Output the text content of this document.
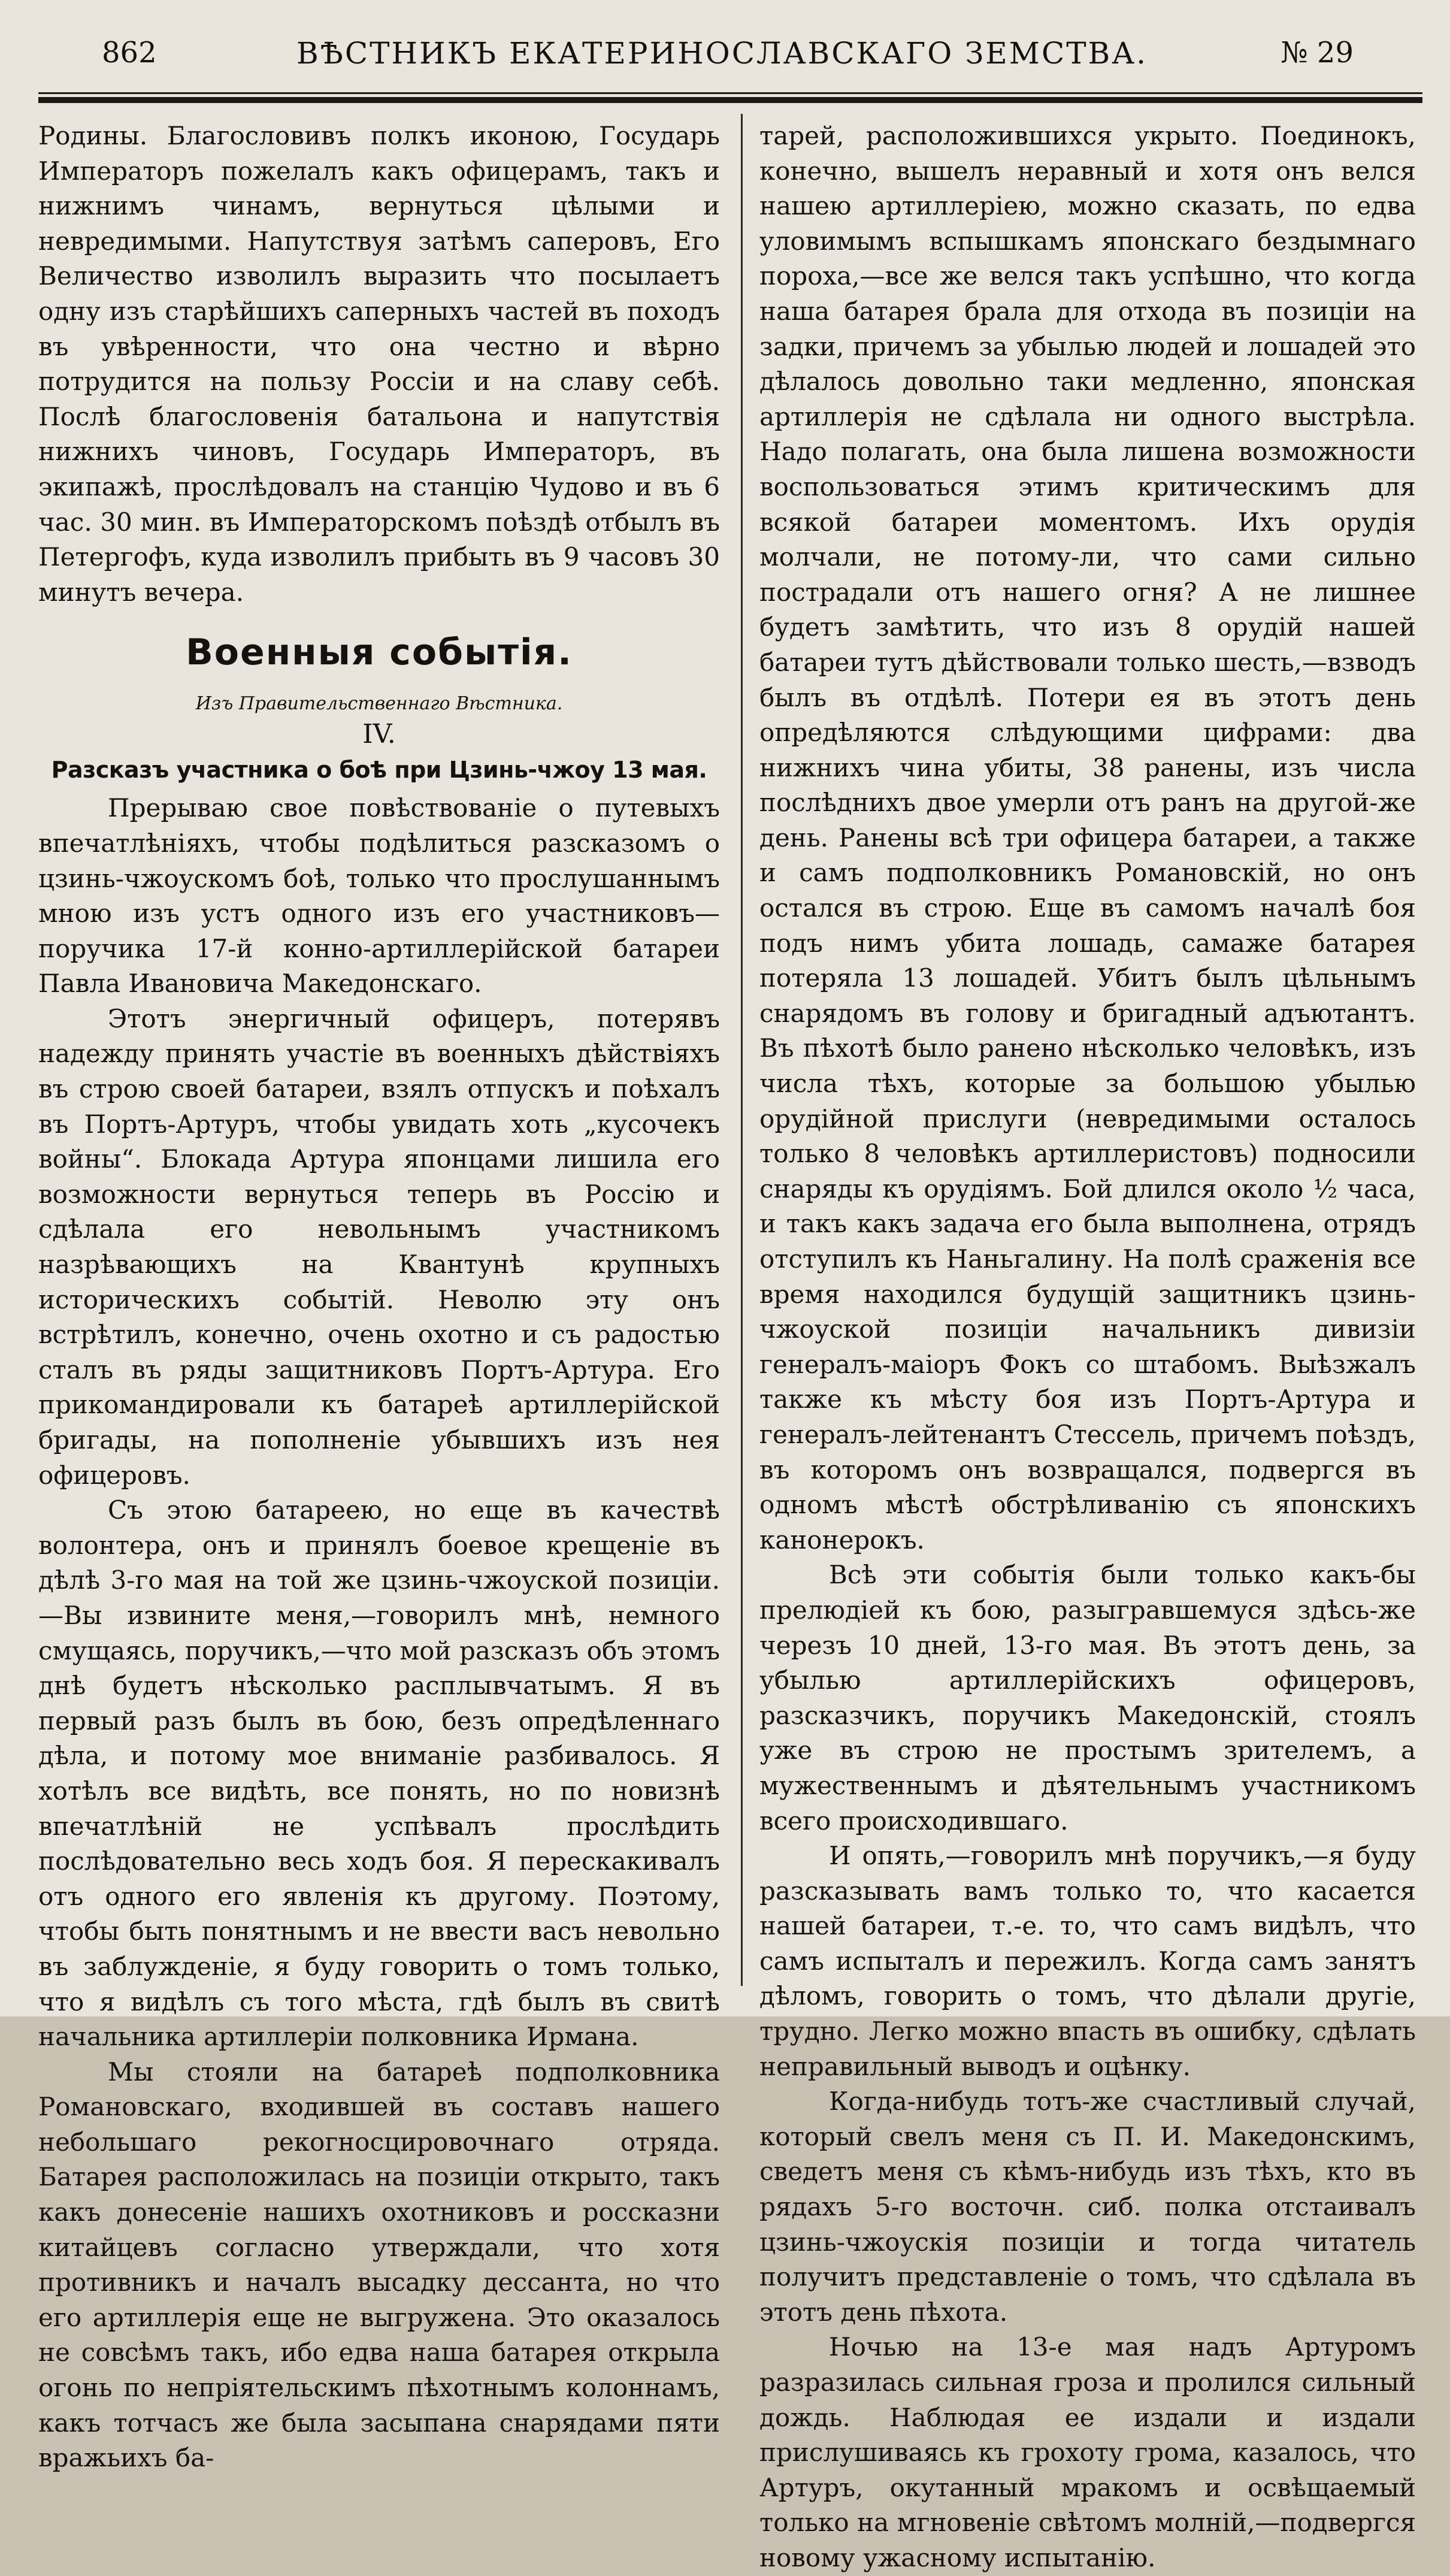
862	ВѢСТНИКЪ ЕКАТЕРИНОСЛАВСКАГО ЗЕМСТВА.	№ 29

Родины. Благословивъ полкъ иконою, Государь Императоръ пожелалъ какъ офицерамъ, такъ и нижнимъ чинамъ, вернуться цѣлыми и невредимыми. Напутствуя затѣмъ саперовъ, Его Величество изволилъ выразить что посылаетъ одну изъ старѣйшихъ саперныхъ частей въ походъ въ увѣренности, что она честно и вѣрно потрудится на пользу Россіи и на славу себѣ. Послѣ благословенія батальона и напутствія нижнихъ чиновъ, Государь Императоръ, въ экипажѣ, прослѣдовалъ на станцію Чудово и въ 6 час. 30 мин. въ Императорскомъ поѣздѣ отбылъ въ Петергофъ, куда изволилъ прибыть въ 9 часовъ 30 минутъ вечера.

Военныя событія.
Изъ Правительственнаго Вѣстника.
IV.
Разсказъ участника о боѣ при Цзинь-чжоу 13 мая.

Прерываю свое повѣствованіе о путевыхъ впечатлѣніяхъ, чтобы подѣлиться разсказомъ о цзинь-чжоускомъ боѣ, только что прослушаннымъ мною изъ устъ одного изъ его участниковъ—поручика 17-й конно-артиллерійской батареи Павла Ивановича Македонскаго.

Этотъ энергичный офицеръ, потерявъ надежду принять участіе въ военныхъ дѣйствіяхъ въ строю своей батареи, взялъ отпускъ и поѣхалъ въ Портъ-Артуръ, чтобы увидать хоть „кусочекъ войны“. Блокада Артура японцами лишила его возможности вернуться теперь въ Россію и сдѣлала его невольнымъ участникомъ назрѣвающихъ на Квантунѣ крупныхъ историческихъ событій. Неволю эту онъ встрѣтилъ, конечно, очень охотно и съ радостью сталъ въ ряды защитниковъ Портъ-Артура. Его прикомандировали къ батареѣ артиллерійской бригады, на пополненіе убывшихъ изъ нея офицеровъ.

Съ этою батареею, но еще въ качествѣ волонтера, онъ и принялъ боевое крещеніе въ дѣлѣ 3-го мая на той же цзинь-чжоуской позиціи.—Вы извините меня,—говорилъ мнѣ, немного смущаясь, поручикъ,—что мой разсказъ объ этомъ днѣ будетъ нѣсколько расплывчатымъ. Я въ первый разъ былъ въ бою, безъ опредѣленнаго дѣла, и потому мое вниманіе разбивалось. Я хотѣлъ все видѣть, все понять, но по новизнѣ впечатлѣній не успѣвалъ прослѣдить послѣдовательно весь ходъ боя. Я перескакивалъ отъ одного его явленія къ другому. Поэтому, чтобы быть понятнымъ и не ввести васъ невольно въ заблужденіе, я буду говорить о томъ только, что я видѣлъ съ того мѣста, гдѣ былъ въ свитѣ начальника артиллеріи полковника Ирмана.

Мы стояли на батареѣ подполковника Романовскаго, входившей въ составъ нашего небольшаго рекогносцировочнаго отряда. Батарея расположилась на позиціи открыто, такъ какъ донесеніе нашихъ охотниковъ и россказни китайцевъ согласно утверждали, что хотя противникъ и началъ высадку дессанта, но что его артиллерія еще не выгружена. Это оказалось не совсѣмъ такъ, ибо едва наша батарея открыла огонь по непріятельскимъ пѣхотнымъ колоннамъ, какъ тотчасъ же была засыпана снарядами пяти вражьихъ ба-

тарей, расположившихся укрыто. Поединокъ, конечно, вышелъ неравный и хотя онъ велся нашею артиллеріею, можно сказать, по едва уловимымъ вспышкамъ японскаго бездымнаго пороха,—все же велся такъ успѣшно, что когда наша батарея брала для отхода въ позиціи на задки, причемъ за убылью людей и лошадей это дѣлалось довольно таки медленно, японская артиллерія не сдѣлала ни одного выстрѣла. Надо полагать, она была лишена возможности воспользоваться этимъ критическимъ для всякой батареи моментомъ. Ихъ орудія молчали, не потому-ли, что сами сильно пострадали отъ нашего огня? А не лишнее будетъ замѣтить, что изъ 8 орудій нашей батареи тутъ дѣйствовали только шесть,—взводъ былъ въ отдѣлѣ. Потери ея въ этотъ день опредѣляются слѣдующими цифрами: два нижнихъ чина убиты, 38 ранены, изъ числа послѣднихъ двое умерли отъ ранъ на другой-же день. Ранены всѣ три офицера батареи, а также и самъ подполковникъ Романовскій, но онъ остался въ строю. Еще въ самомъ началѣ боя подъ нимъ убита лошадь, самаже батарея потеряла 13 лошадей. Убитъ былъ цѣльнымъ снарядомъ въ голову и бригадный адъютантъ. Въ пѣхотѣ было ранено нѣсколько человѣкъ, изъ числа тѣхъ, которые за большою убылью орудійной прислуги (невредимыми осталось только 8 человѣкъ артиллеристовъ) подносили снаряды къ орудіямъ. Бой длился около ½ часа, и такъ какъ задача его была выполнена, отрядъ отступилъ къ Наньгалину. На полѣ сраженія все время находился будущій защитникъ цзинь-чжоуской позиціи начальникъ дивизіи генералъ-маіоръ Фокъ со штабомъ. Выѣзжалъ также къ мѣсту боя изъ Портъ-Артура и генералъ-лейтенантъ Стессель, причемъ поѣздъ, въ которомъ онъ возвращался, подвергся въ одномъ мѣстѣ обстрѣливанію съ японскихъ канонерокъ.

Всѣ эти событія были только какъ-бы прелюдіей къ бою, разыгравшемуся здѣсь-же черезъ 10 дней, 13-го мая. Въ этотъ день, за убылью артиллерійскихъ офицеровъ, разсказчикъ, поручикъ Македонскій, стоялъ уже въ строю не простымъ зрителемъ, а мужественнымъ и дѣятельнымъ участникомъ всего происходившаго.

И опять,—говорилъ мнѣ поручикъ,—я буду разсказывать вамъ только то, что касается нашей батареи, т.-е. то, что самъ видѣлъ, что самъ испыталъ и пережилъ. Когда самъ занятъ дѣломъ, говорить о томъ, что дѣлали другіе, трудно. Легко можно впасть въ ошибку, сдѣлать неправильный выводъ и оцѣнку.

Когда-нибудь тотъ-же счастливый случай, который свелъ меня съ П. И. Македонскимъ, сведетъ меня съ кѣмъ-нибудь изъ тѣхъ, кто въ рядахъ 5-го восточн. сиб. полка отстаивалъ цзинь-чжоускія позиціи и тогда читатель получитъ представленіе о томъ, что сдѣлала въ этотъ день пѣхота.

Ночью на 13-е мая надъ Артуромъ разразилась сильная гроза и пролился сильный дождь. Наблюдая ее издали и издали прислушиваясь къ грохоту грома, казалось, что Артуръ, окутанный мракомъ и освѣщаемый только на мгновеніе свѣтомъ молній,—подвергся новому ужасному испытанію.
